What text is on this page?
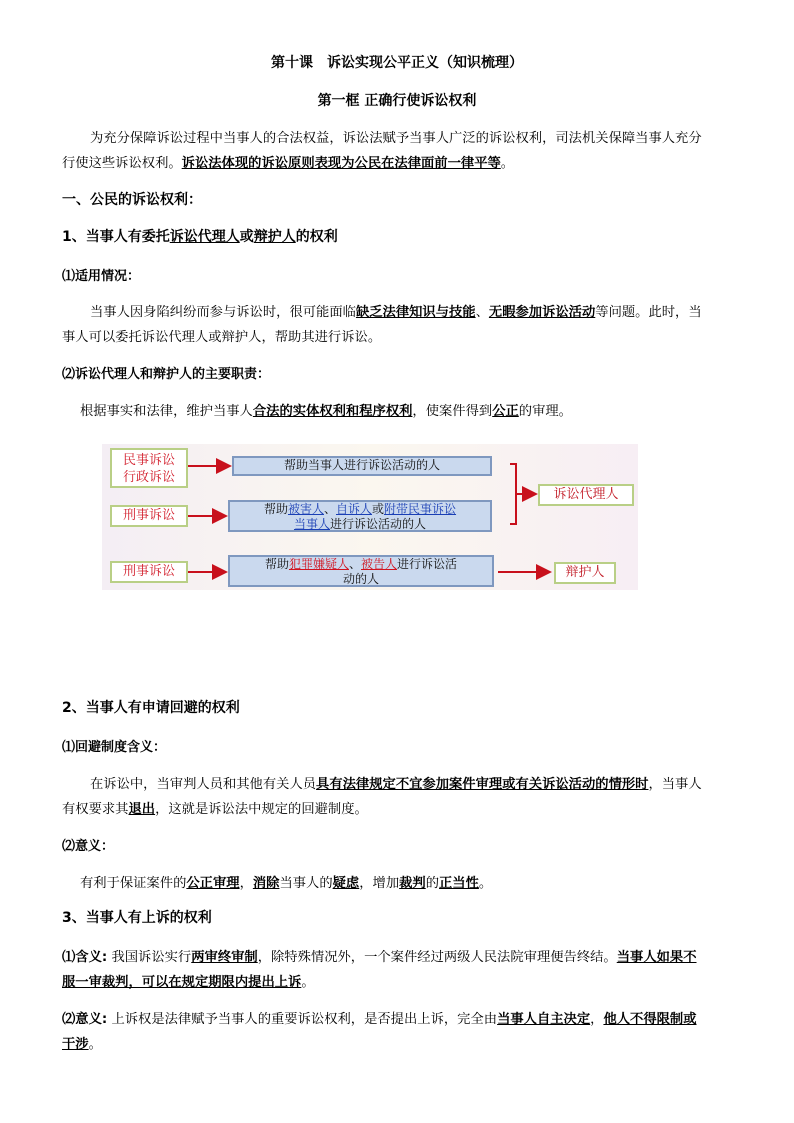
第十课　诉讼实现公平正义（知识梳理）
第一框 正确行使诉讼权利
为充分保障诉讼过程中当事人的合法权益，诉讼法赋予当事人广泛的诉讼权利，司法机关保障当事人充分
行使这些诉讼权利。诉讼法体现的诉讼原则表现为公民在法律面前一律平等。
一、公民的诉讼权利：
1、当事人有委托诉讼代理人或辩护人的权利
⑴适用情况：
当事人因身陷纠纷而参与诉讼时，很可能面临缺乏法律知识与技能、无暇参加诉讼活动等问题。此时，当
事人可以委托诉讼代理人或辩护人，帮助其进行诉讼。
⑵诉讼代理人和辩护人的主要职责：
根据事实和法律，维护当事人合法的实体权利和程序权利，使案件得到公正的审理。
民事诉讼
行政诉讼
刑事诉讼
刑事诉讼
帮助当事人进行诉讼活动的人
帮助被害人、自诉人或附带民事诉讼
当事人进行诉讼活动的人
帮助犯罪嫌疑人、被告人进行诉讼活
动的人
诉讼代理人
辩护人
2、当事人有申请回避的权利
⑴回避制度含义：
在诉讼中，当审判人员和其他有关人员具有法律规定不宜参加案件审理或有关诉讼活动的情形时，当事人
有权要求其退出，这就是诉讼法中规定的回避制度。
⑵意义：
有利于保证案件的公正审理，消除当事人的疑虑，增加裁判的正当性。
3、当事人有上诉的权利
⑴含义: 我国诉讼实行两审终审制，除特殊情况外，一个案件经过两级人民法院审理便告终结。当事人如果不
服一审裁判，可以在规定期限内提出上诉。
⑵意义: 上诉权是法律赋予当事人的重要诉讼权利，是否提出上诉，完全由当事人自主决定，他人不得限制或
干涉。
